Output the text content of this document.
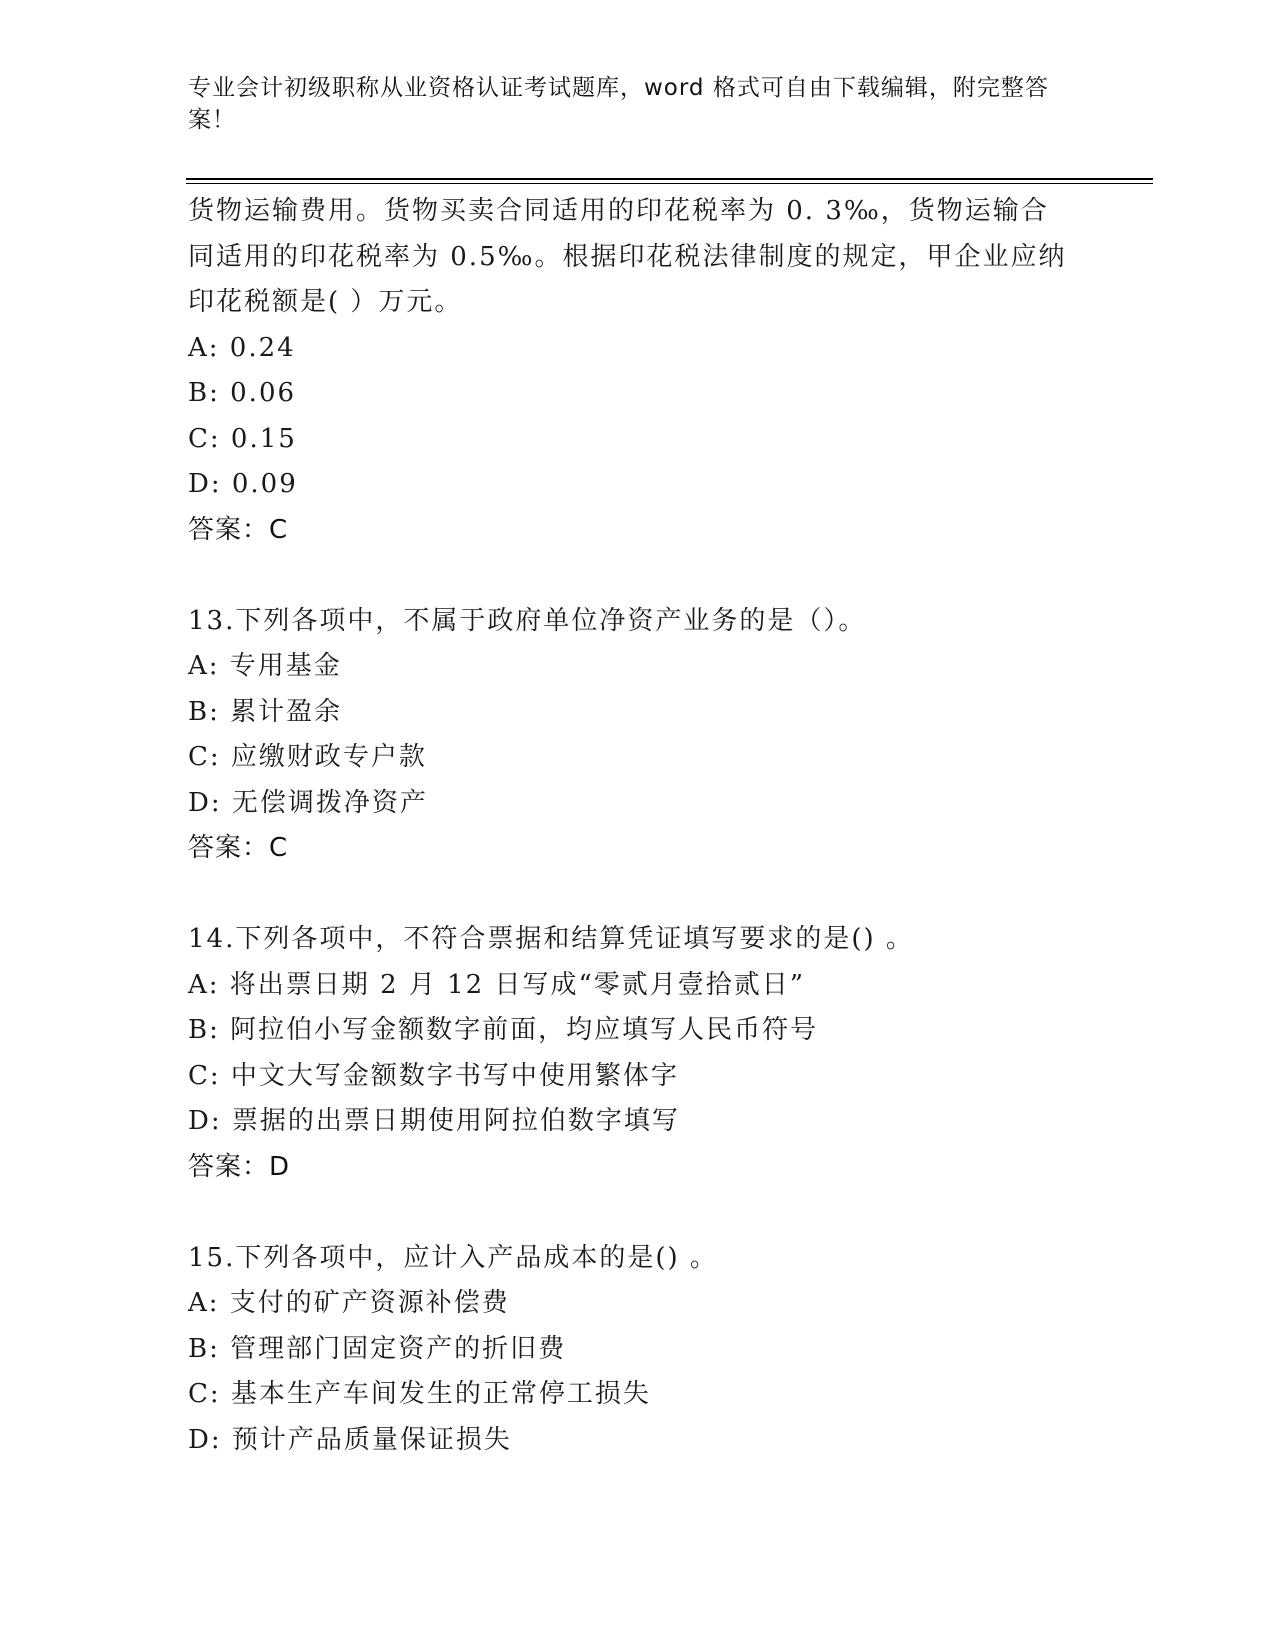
专业会计初级职称从业资格认证考试题库，word 格式可自由下载编辑，附完整答案！
货物运输费用。货物买卖合同适用的印花税率为 0. 3‰，货物运输合
同适用的印花税率为 0.5‰。根据印花税法律制度的规定，甲企业应纳
印花税额是( ）万元。
A: 0.24
B: 0.06
C: 0.15
D: 0.09
答案：C
13.下列各项中，不属于政府单位净资产业务的是（）。
A: 专用基金
B: 累计盈余
C: 应缴财政专户款
D: 无偿调拨净资产
答案：C
14.下列各项中，不符合票据和结算凭证填写要求的是() 。
A: 将出票日期 2 月 12 日写成“零贰月壹拾贰日”
B: 阿拉伯小写金额数字前面，均应填写人民币符号
C: 中文大写金额数字书写中使用繁体字
D: 票据的出票日期使用阿拉伯数字填写
答案：D
15.下列各项中，应计入产品成本的是() 。
A: 支付的矿产资源补偿费
B: 管理部门固定资产的折旧费
C: 基本生产车间发生的正常停工损失
D: 预计产品质量保证损失
